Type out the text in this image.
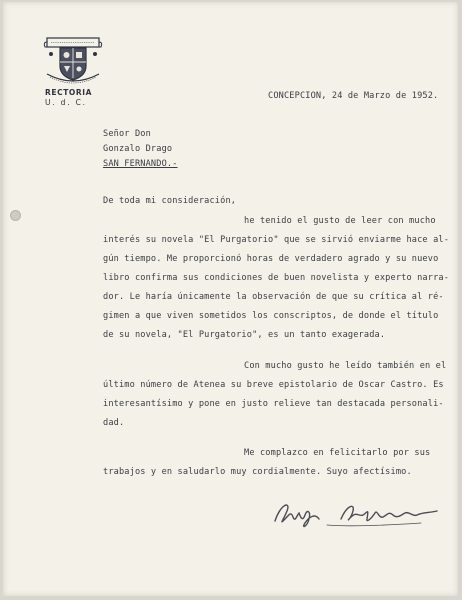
RECTORIA
U. d. C.
CONCEPCION, 24 de Marzo de 1952.
Señor Don
Gonzalo Drago
SAN FERNANDO.-
De toda mi consideración,
he tenido el gusto de leer con mucho
interés su novela "El Purgatorio" que se sirvió enviarme hace al-
gún tiempo. Me proporcionó horas de verdadero agrado y su nuevo
libro confirma sus condiciones de buen novelista y experto narra-
dor. Le haría únicamente la observación de que su crítica al ré-
gimen a que viven sometidos los conscriptos, de donde el título
de su novela, "El Purgatorio", es un tanto exagerada.
Con mucho gusto he leído también en el
último número de Atenea su breve epistolario de Oscar Castro. Es
interesantísimo y pone en justo relieve tan destacada personali-
dad.
Me complazco en felicitarlo por sus
trabajos y en saludarlo muy cordialmente. Suyo afectísimo.
